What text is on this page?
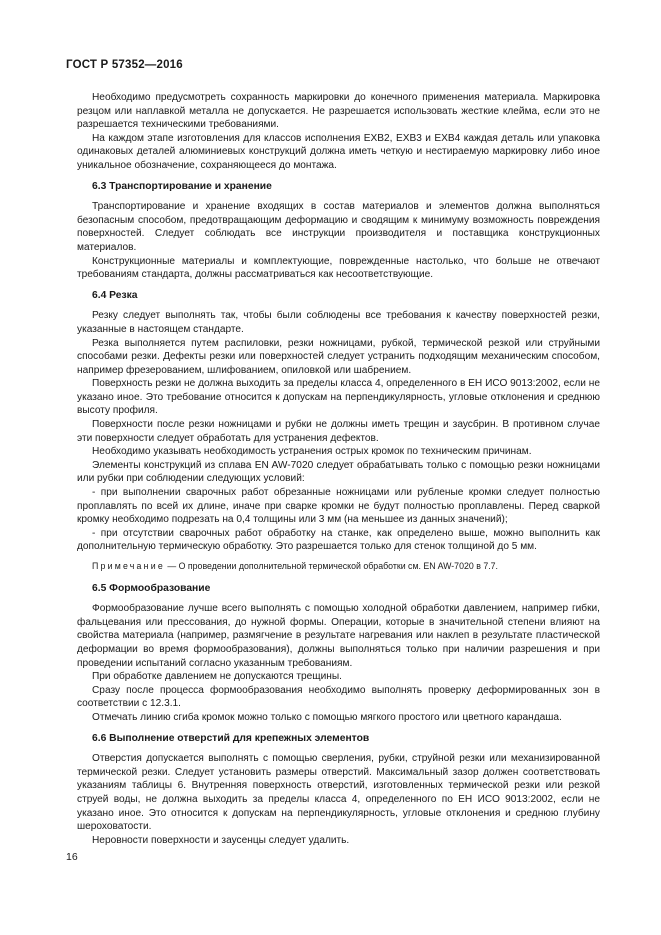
ГОСТ Р 57352—2016

Необходимо предусмотреть сохранность маркировки до конечного применения материала. Маркировка резцом или наплавкой металла не допускается. Не разрешается использовать жесткие клейма, если это не разрешается техническими требованиями.

На каждом этапе изготовления для классов исполнения EXB2, EXB3 и EXB4 каждая деталь или упаковка одинаковых деталей алюминиевых конструкций должна иметь четкую и нестираемую маркировку либо иное уникальное обозначение, сохраняющееся до монтажа.

6.3 Транспортирование и хранение

Транспортирование и хранение входящих в состав материалов и элементов должна выполняться безопасным способом, предотвращающим деформацию и сводящим к минимуму возможность повреждения поверхностей. Следует соблюдать все инструкции производителя и поставщика конструкционных материалов.

Конструкционные материалы и комплектующие, поврежденные настолько, что больше не отвечают требованиям стандарта, должны рассматриваться как несоответствующие.

6.4 Резка

Резку следует выполнять так, чтобы были соблюдены все требования к качеству поверхностей резки, указанные в настоящем стандарте.

Резка выполняется путем распиловки, резки ножницами, рубкой, термической резкой или струйными способами резки. Дефекты резки или поверхностей следует устранить подходящим механическим способом, например фрезерованием, шлифованием, опиловкой или шабрением.

Поверхность резки не должна выходить за пределы класса 4, определенного в ЕН ИСО 9013:2002, если не указано иное. Это требование относится к допускам на перпендикулярность, угловые отклонения и среднюю высоту профиля.

Поверхности после резки ножницами и рубки не должны иметь трещин и заусбрин. В противном случае эти поверхности следует обработать для устранения дефектов.

Необходимо указывать необходимость устранения острых кромок по техническим причинам.

Элементы конструкций из сплава EN AW-7020 следует обрабатывать только с помощью резки ножницами или рубки при соблюдении следующих условий:

- при выполнении сварочных работ обрезанные ножницами или рубленые кромки следует полностью проплавлять по всей их длине, иначе при сварке кромки не будут полностью проплавлены. Перед сваркой кромку необходимо подрезать на 0,4 толщины или 3 мм (на меньшее из данных значений);

- при отсутствии сварочных работ обработку на станке, как определено выше, можно выполнить как дополнительную термическую обработку. Это разрешается только для стенок толщиной до 5 мм.

Примечание — О проведении дополнительной термической обработки см. EN AW-7020 в 7.7.

6.5 Формообразование

Формообразование лучше всего выполнять с помощью холодной обработки давлением, например гибки, фальцевания или прессования, до нужной формы. Операции, которые в значительной степени влияют на свойства материала (например, размягчение в результате нагревания или наклеп в результате пластической деформации во время формообразования), должны выполняться только при наличии разрешения и при проведении испытаний согласно указанным требованиям.

При обработке давлением не допускаются трещины.

Сразу после процесса формообразования необходимо выполнять проверку деформированных зон в соответствии с 12.3.1.

Отмечать линию сгиба кромок можно только с помощью мягкого простого или цветного карандаша.

6.6 Выполнение отверстий для крепежных элементов

Отверстия допускается выполнять с помощью сверления, рубки, струйной резки или механизированной термической резки. Следует установить размеры отверстий. Максимальный зазор должен соответствовать указаниям таблицы 6. Внутренняя поверхность отверстий, изготовленных термической резки или резкой струей воды, не должна выходить за пределы класса 4, определенного по ЕН ИСО 9013:2002, если не указано иное. Это относится к допускам на перпендикулярность, угловые отклонения и среднюю глубину шероховатости.

Неровности поверхности и заусенцы следует удалить.

16
